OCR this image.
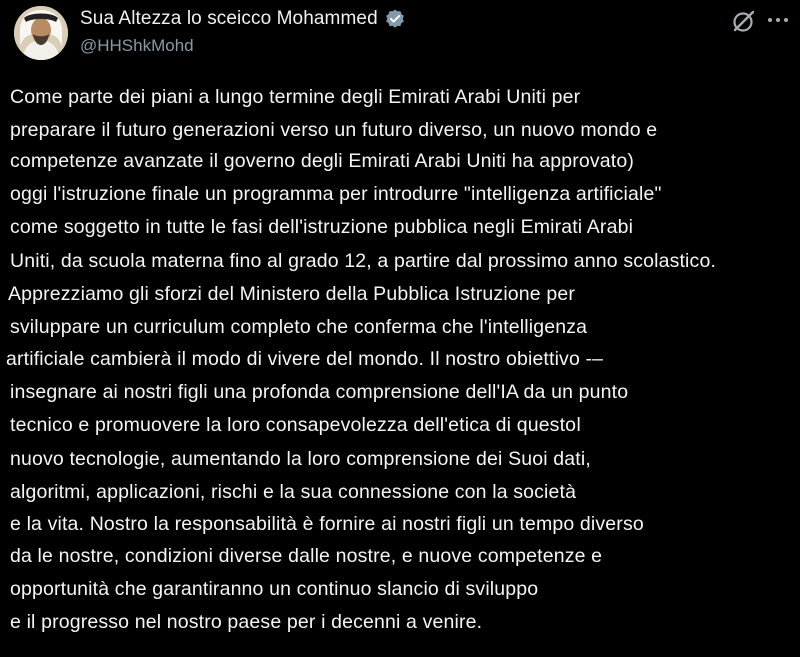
Sua Altezza lo sceicco Mohammed
@HHShkMohd
Come parte dei piani a lungo termine degli Emirati Arabi Uniti per
preparare il futuro generazioni verso un futuro diverso, un nuovo mondo e
competenze avanzate il governo degli Emirati Arabi Uniti ha approvato)
oggi l'istruzione finale un programma per introdurre "intelligenza artificiale"
come soggetto in tutte le fasi dell'istruzione pubblica negli Emirati Arabi
Uniti, da scuola materna fino al grado 12, a partire dal prossimo anno scolastico.
Apprezziamo gli sforzi del Ministero della Pubblica Istruzione per
sviluppare un curriculum completo che conferma che l'intelligenza
artificiale cambierà il modo di vivere del mondo. Il nostro obiettivo -–
insegnare ai nostri figli una profonda comprensione dell'IA da un punto
tecnico e promuovere la loro consapevolezza dell'etica di questoǀ
nuovo tecnologie, aumentando la loro comprensione dei Suoi dati,
algoritmi, applicazioni, rischi e la sua connessione con la società
e la vita. Nostro la responsabilità è fornire ai nostri figli un tempo diverso
da le nostre, condizioni diverse dalle nostre, e nuove competenze e
opportunità che garantiranno un continuo slancio di sviluppo
e il progresso nel nostro paese per i decenni a venire.
